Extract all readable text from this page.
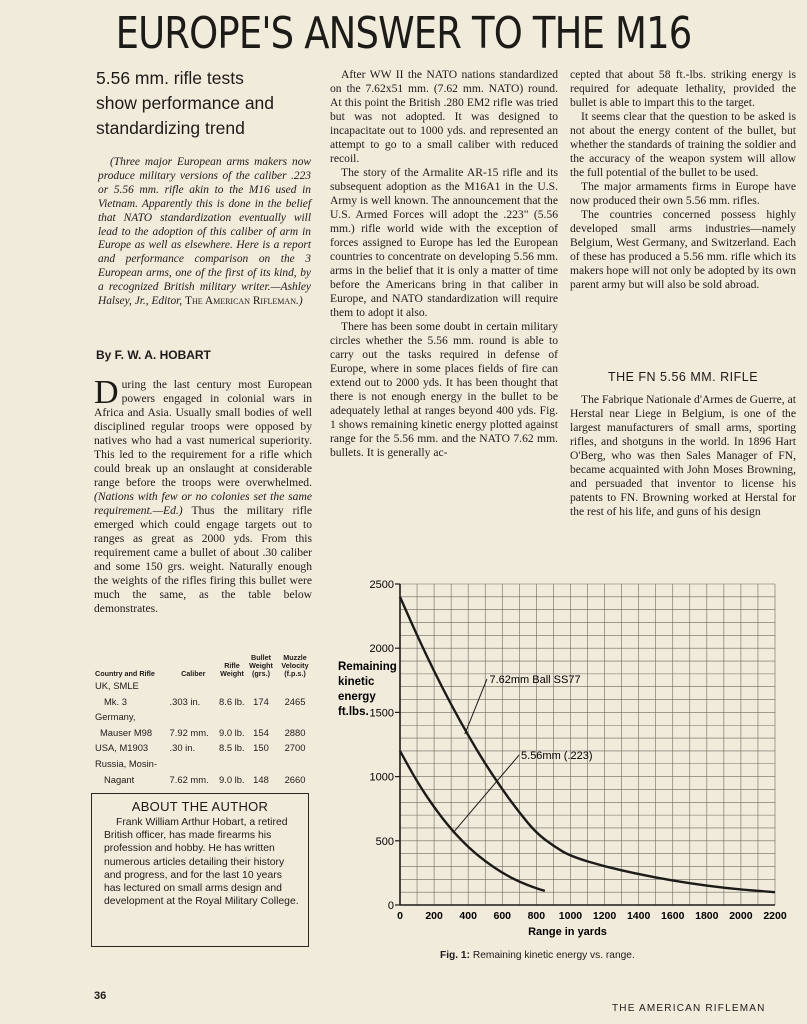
EUROPE'S ANSWER TO THE M16
5.56 mm. rifle tests
show performance and
standardizing trend
(Three major European arms makers now produce military versions of the caliber .223 or 5.56 mm. rifle akin to the M16 used in Vietnam. Apparently this is done in the belief that NATO standardization eventually will lead to the adoption of this caliber of arm in Europe as well as elsewhere. Here is a report and performance comparison on the 3 European arms, one of the first of its kind, by a recognized British military writer.—Ashley Halsey, Jr., Editor, The American Rifleman.)
By F. W. A. HOBART

During the last century most European powers engaged in colonial wars in Africa and Asia. Usually small bodies of well disciplined regular troops were opposed by natives who had a vast numerical superiority. This led to the requirement for a rifle which could break up an onslaught at considerable range before the troops were overwhelmed. (Nations with few or no colonies set the same requirement.—Ed.) Thus the military rifle emerged which could engage targets out to ranges as great as 2000 yds. From this requirement came a bullet of about .30 caliber and some 150 grs. weight. Naturally enough the weights of the rifles firing this bullet were much the same, as the table below demonstrates.

Country and Rifle	Caliber	Rifle Weight	Bullet Weight (grs.)	Muzzle Velocity (f.p.s.)
UK, SMLE				
Mk. 3	.303 in.	8.6 lb.	174	2465
Germany,				
Mauser M98	7.92 mm.	9.0 lb.	154	2880
USA, M1903	.30 in.	8.5 lb.	150	2700
Russia, Mosin-				
Nagant	7.62 mm.	9.0 lb.	148	2660
ABOUT THE AUTHOR
Frank William Arthur Hobart, a retired British officer, has made firearms his profession and hobby. He has written numerous articles detailing their history and progress, and for the last 10 years has lectured on small arms design and development at the Royal Military College.

After WW II the NATO nations standardized on the 7.62x51 mm. (7.62 mm. NATO) round. At this point the British .280 EM2 rifle was tried but was not adopted. It was designed to incapacitate out to 1000 yds. and represented an attempt to go to a small caliber with reduced recoil.

The story of the Armalite AR-15 rifle and its subsequent adoption as the M16A1 in the U.S. Army is well known. The announcement that the U.S. Armed Forces will adopt the .223" (5.56 mm.) rifle world wide with the exception of forces assigned to Europe has led the European countries to concentrate on developing 5.56 mm. arms in the belief that it is only a matter of time before the Americans bring in that caliber in Europe, and NATO standardization will require them to adopt it also.

There has been some doubt in certain military circles whether the 5.56 mm. round is able to carry out the tasks required in defense of Europe, where in some places fields of fire can extend out to 2000 yds. It has been thought that there is not enough energy in the bullet to be adequately lethal at ranges beyond 400 yds. Fig. 1 shows remaining kinetic energy plotted against range for the 5.56 mm. and the NATO 7.62 mm. bullets. It is generally ac-

cepted that about 58 ft.-lbs. striking energy is required for adequate lethality, provided the bullet is able to impart this to the target.

It seems clear that the question to be asked is not about the energy content of the bullet, but whether the standards of training the soldier and the accuracy of the weapon system will allow the full potential of the bullet to be used.

The major armaments firms in Europe have now produced their own 5.56 mm. rifles.

The countries concerned possess highly developed small arms industries—namely Belgium, West Germany, and Switzerland. Each of these has produced a 5.56 mm. rifle which its makers hope will not only be adopted by its own parent army but will also be sold abroad.

THE FN 5.56 MM. RIFLE

The Fabrique Nationale d'Armes de Guerre, at Herstal near Liege in Belgium, is one of the largest manufacturers of small arms, sporting rifles, and shotguns in the world. In 1896 Hart O'Berg, who was then Sales Manager of FN, became acquainted with John Moses Browning, and persuaded that inventor to license his patents to FN. Browning worked at Herstal for the rest of his life, and guns of his design

0
500
1000
1500
2000
2500
0 200 400 600 800 1000 1200 1400 1600 1800 2000 2200
Remaining kinetic energy ft.lbs.
Range in yards
7.62mm Ball SS77
5.56mm (.223)
Fig. 1: Remaining kinetic energy vs. range.
36
THE AMERICAN RIFLEMAN
